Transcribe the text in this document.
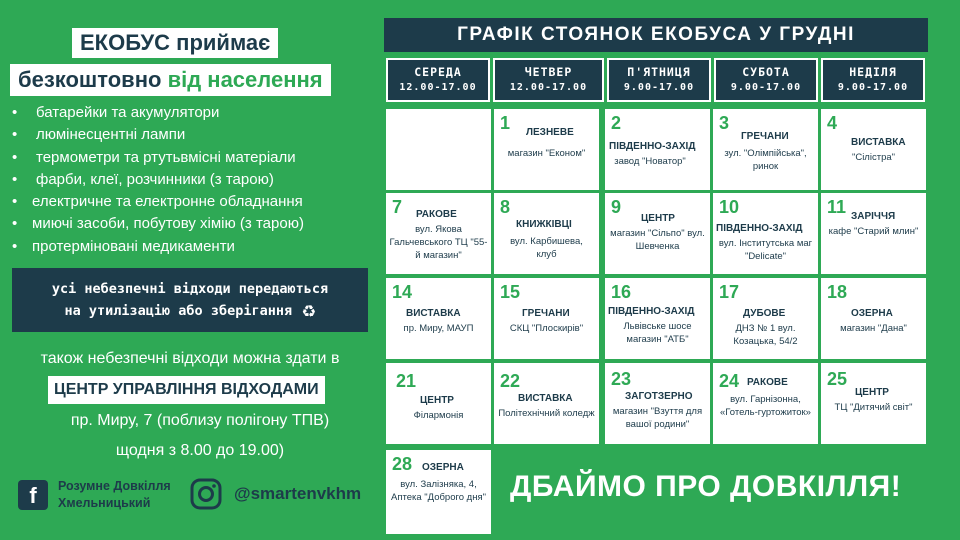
ЕКОБУС приймає
безкоштовно від населення
• батарейки та акумулятори
• люмінесцентні лампи
• термометри та ртутьвмісні матеріали
• фарби, клеї, розчинники (з тарою)
• електричне та електронне обладнання
• миючі засоби, побутову хімію (з тарою)
• протерміновані медикаменти
усі небезпечні відходи передаються
на утилізацію або зберігання ♻
також небезпечні відходи можна здати в
ЦЕНТР УПРАВЛІННЯ ВІДХОДАМИ
пр. Миру, 7 (поблизу полігону ТПВ)
щодня з 8.00 до 19.00)
f	Розумне Довкілля
Хмельницький	@smartenvkhm
ГРАФІК СТОЯНОК ЕКОБУСА У ГРУДНІ
СЕРЕДА
12.00-17.00
ЧЕТВЕР
12.00-17.00
П'ЯТНИЦЯ
9.00-17.00
СУБОТА
9.00-17.00
НЕДІЛЯ
9.00-17.00
1 ЛЕЗНЕВЕ
магазин "Економ"
2
ПІВДЕННО-ЗАХІД
завод "Новатор"
3
ГРЕЧАНИ
зул. "Олімпійська", ринок
4
ВИСТАВКА
"Сілістра"
7 РАКОВЕ
вул. Якова Гальчевського ТЦ "55-й магазин"
8
КНИЖКІВЦІ
вул. Карбишева, клуб
9
ЦЕНТР
магазин "Сільпо" вул. Шевченка
10
ПІВДЕННО-ЗАХІД
вул. Інститутська маг "Delicate"
11 ЗАРІЧЧЯ
кафе "Старий млин"
14
ВИСТАВКА
пр. Миру, МАУП
15
ГРЕЧАНИ
СКЦ "Плоскирів"
16
ПІВДЕННО-ЗАХІД
Львівське шосе магазин "АТБ"
17
ДУБОВЕ
ДНЗ № 1 вул. Козацька, 54/2
18
ОЗЕРНА
магазин "Дана"
21
ЦЕНТР
Філармонія
22
ВИСТАВКА
Політехнічний коледж
23
ЗАГОТЗЕРНО
магазин "Взуття для вашої родини"
24 РАКОВЕ
вул. Гарнізонна, «Готель-гуртожиток»
25
ЦЕНТР
ТЦ "Дитячий світ"
28 ОЗЕРНА
вул. Залізняка, 4, Аптека "Доброго дня" ДБАЙМО ПРО ДОВКІЛЛЯ!
